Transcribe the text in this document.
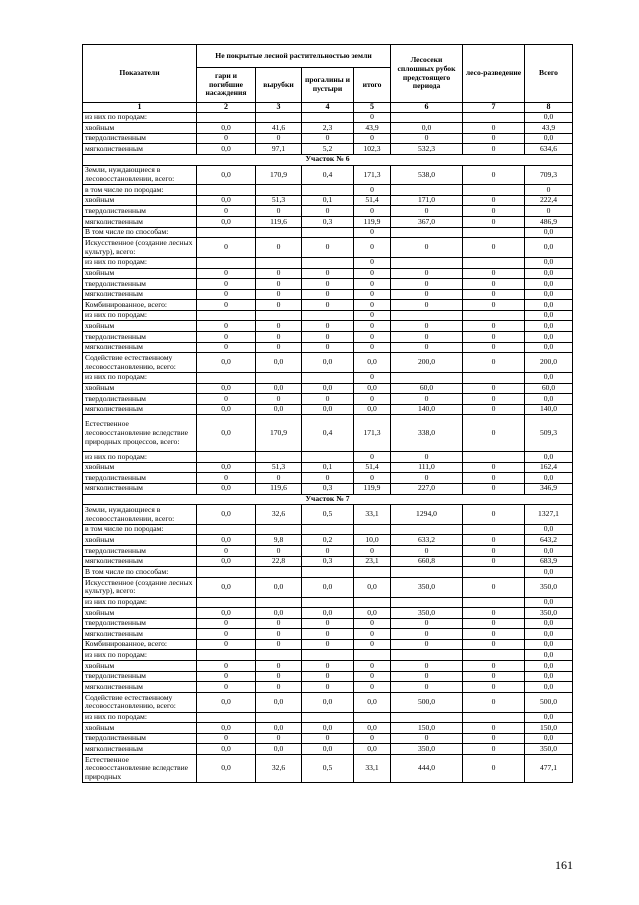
Показатели	Не покрытые лесной растительностью земли				Лесосеки сплошных рубок предстоящего периода	лесо-разведение	Всего
	гари и погибшие насаждения	вырубки	прогалины и пустыри	итого			
1	2	3	4	5	6	7	8
из них по породам:				0			0,0
хвойным	0,0	41,6	2,3	43,9	0,0	0	43,9
твердолиственным	0	0	0	0	0	0	0,0
мягколиственным	0,0	97,1	5,2	102,3	532,3	0	634,6
Участок № 6							
Земли, нуждающиеся в лесовосстановлении, всего:	0,0	170,9	0,4	171,3	538,0	0	709,3
в том числе по породам:				0			0
хвойным	0,0	51,3	0,1	51,4	171,0	0	222,4
твердолиственным	0	0	0	0	0	0	0
мягколиственным	0,0	119,6	0,3	119,9	367,0	0	486,9
В том числе по способам:				0			0,0
Искусственное (создание лесных культур), всего:	0	0	0	0	0	0	0,0
из них по породам:				0			0,0
хвойным	0	0	0	0	0	0	0,0
твердолиственным	0	0	0	0	0	0	0,0
мягколиственным	0	0	0	0	0	0	0,0
Комбинированное, всего:	0	0	0	0	0	0	0,0
из них по породам:				0			0,0
хвойным	0	0	0	0	0	0	0,0
твердолиственным	0	0	0	0	0	0	0,0
мягколиственным	0	0	0	0	0	0	0,0
Содействие естественному лесовосстановлению, всего:	0,0	0,0	0,0	0,0	200,0	0	200,0
из них по породам:				0			0,0
хвойным	0,0	0,0	0,0	0,0	60,0	0	60,0
твердолиственным	0	0	0	0	0	0	0,0
мягколиственным	0,0	0,0	0,0	0,0	140,0	0	140,0
Естественное лесовосстановление вследствие природных процессов, всего:	0,0	170,9	0,4	171,3	338,0	0	509,3
из них по породам:				0	0		0,0
хвойным	0,0	51,3	0,1	51,4	111,0	0	162,4
твердолиственным	0	0	0	0	0	0	0,0
мягколиственным	0,0	119,6	0,3	119,9	227,0	0	346,9
Участок № 7							
Земли, нуждающиеся в лесовосстановлении, всего:	0,0	32,6	0,5	33,1	1294,0	0	1327,1
в том числе по породам:							0,0
хвойным	0,0	9,8	0,2	10,0	633,2	0	643,2
твердолиственным	0	0	0	0	0	0	0,0
мягколиственным	0,0	22,8	0,3	23,1	660,8	0	683,9
В том числе по способам:							0,0
Искусственное (создание лесных культур), всего:	0,0	0,0	0,0	0,0	350,0	0	350,0
из них по породам:							0,0
хвойным	0,0	0,0	0,0	0,0	350,0	0	350,0
твердолиственным	0	0	0	0	0	0	0,0
мягколиственным	0	0	0	0	0	0	0,0
Комбинированное, всего:	0	0	0	0	0	0	0,0
из них по породам:							0,0
хвойным	0	0	0	0	0	0	0,0
твердолиственным	0	0	0	0	0	0	0,0
мягколиственным	0	0	0	0	0	0	0,0
Содействие естественному лесовосстановлению, всего:	0,0	0,0	0,0	0,0	500,0	0	500,0
из них по породам:							0,0
хвойным	0,0	0,0	0,0	0,0	150,0	0	150,0
твердолиственным	0	0	0	0	0	0	0,0
мягколиственным	0,0	0,0	0,0	0,0	350,0	0	350,0
Естественное лесовосстановление вследствие природных	0,0	32,6	0,5	33,1	444,0	0	477,1
161
